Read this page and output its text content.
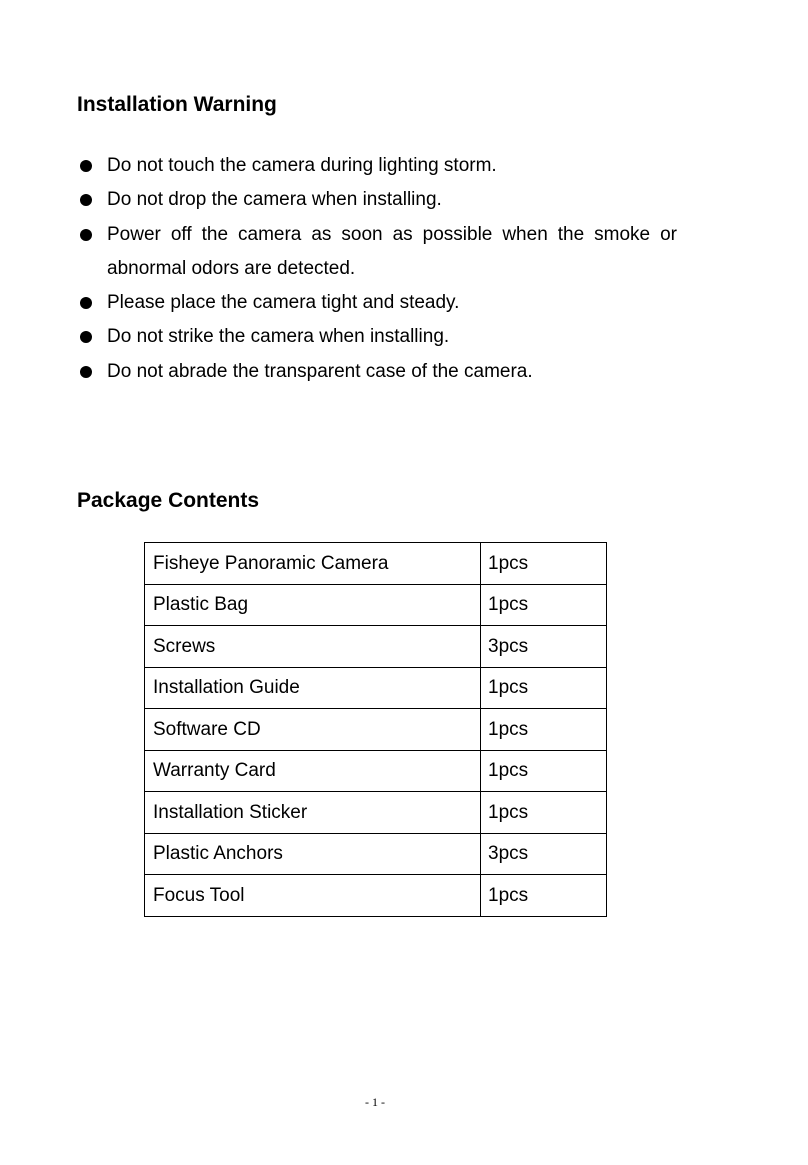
Installation Warning
Do not touch the camera during lighting storm.
Do not drop the camera when installing.
Power off the camera as soon as possible when the smoke or
abnormal odors are detected.
Please place the camera tight and steady.
Do not strike the camera when installing.
Do not abrade the transparent case of the camera.
Package Contents
Fisheye Panoramic Camera	1pcs
Plastic Bag	1pcs
Screws	3pcs
Installation Guide	1pcs
Software CD	1pcs
Warranty Card	1pcs
Installation Sticker	1pcs
Plastic Anchors	3pcs
Focus Tool	1pcs
- 1 -
